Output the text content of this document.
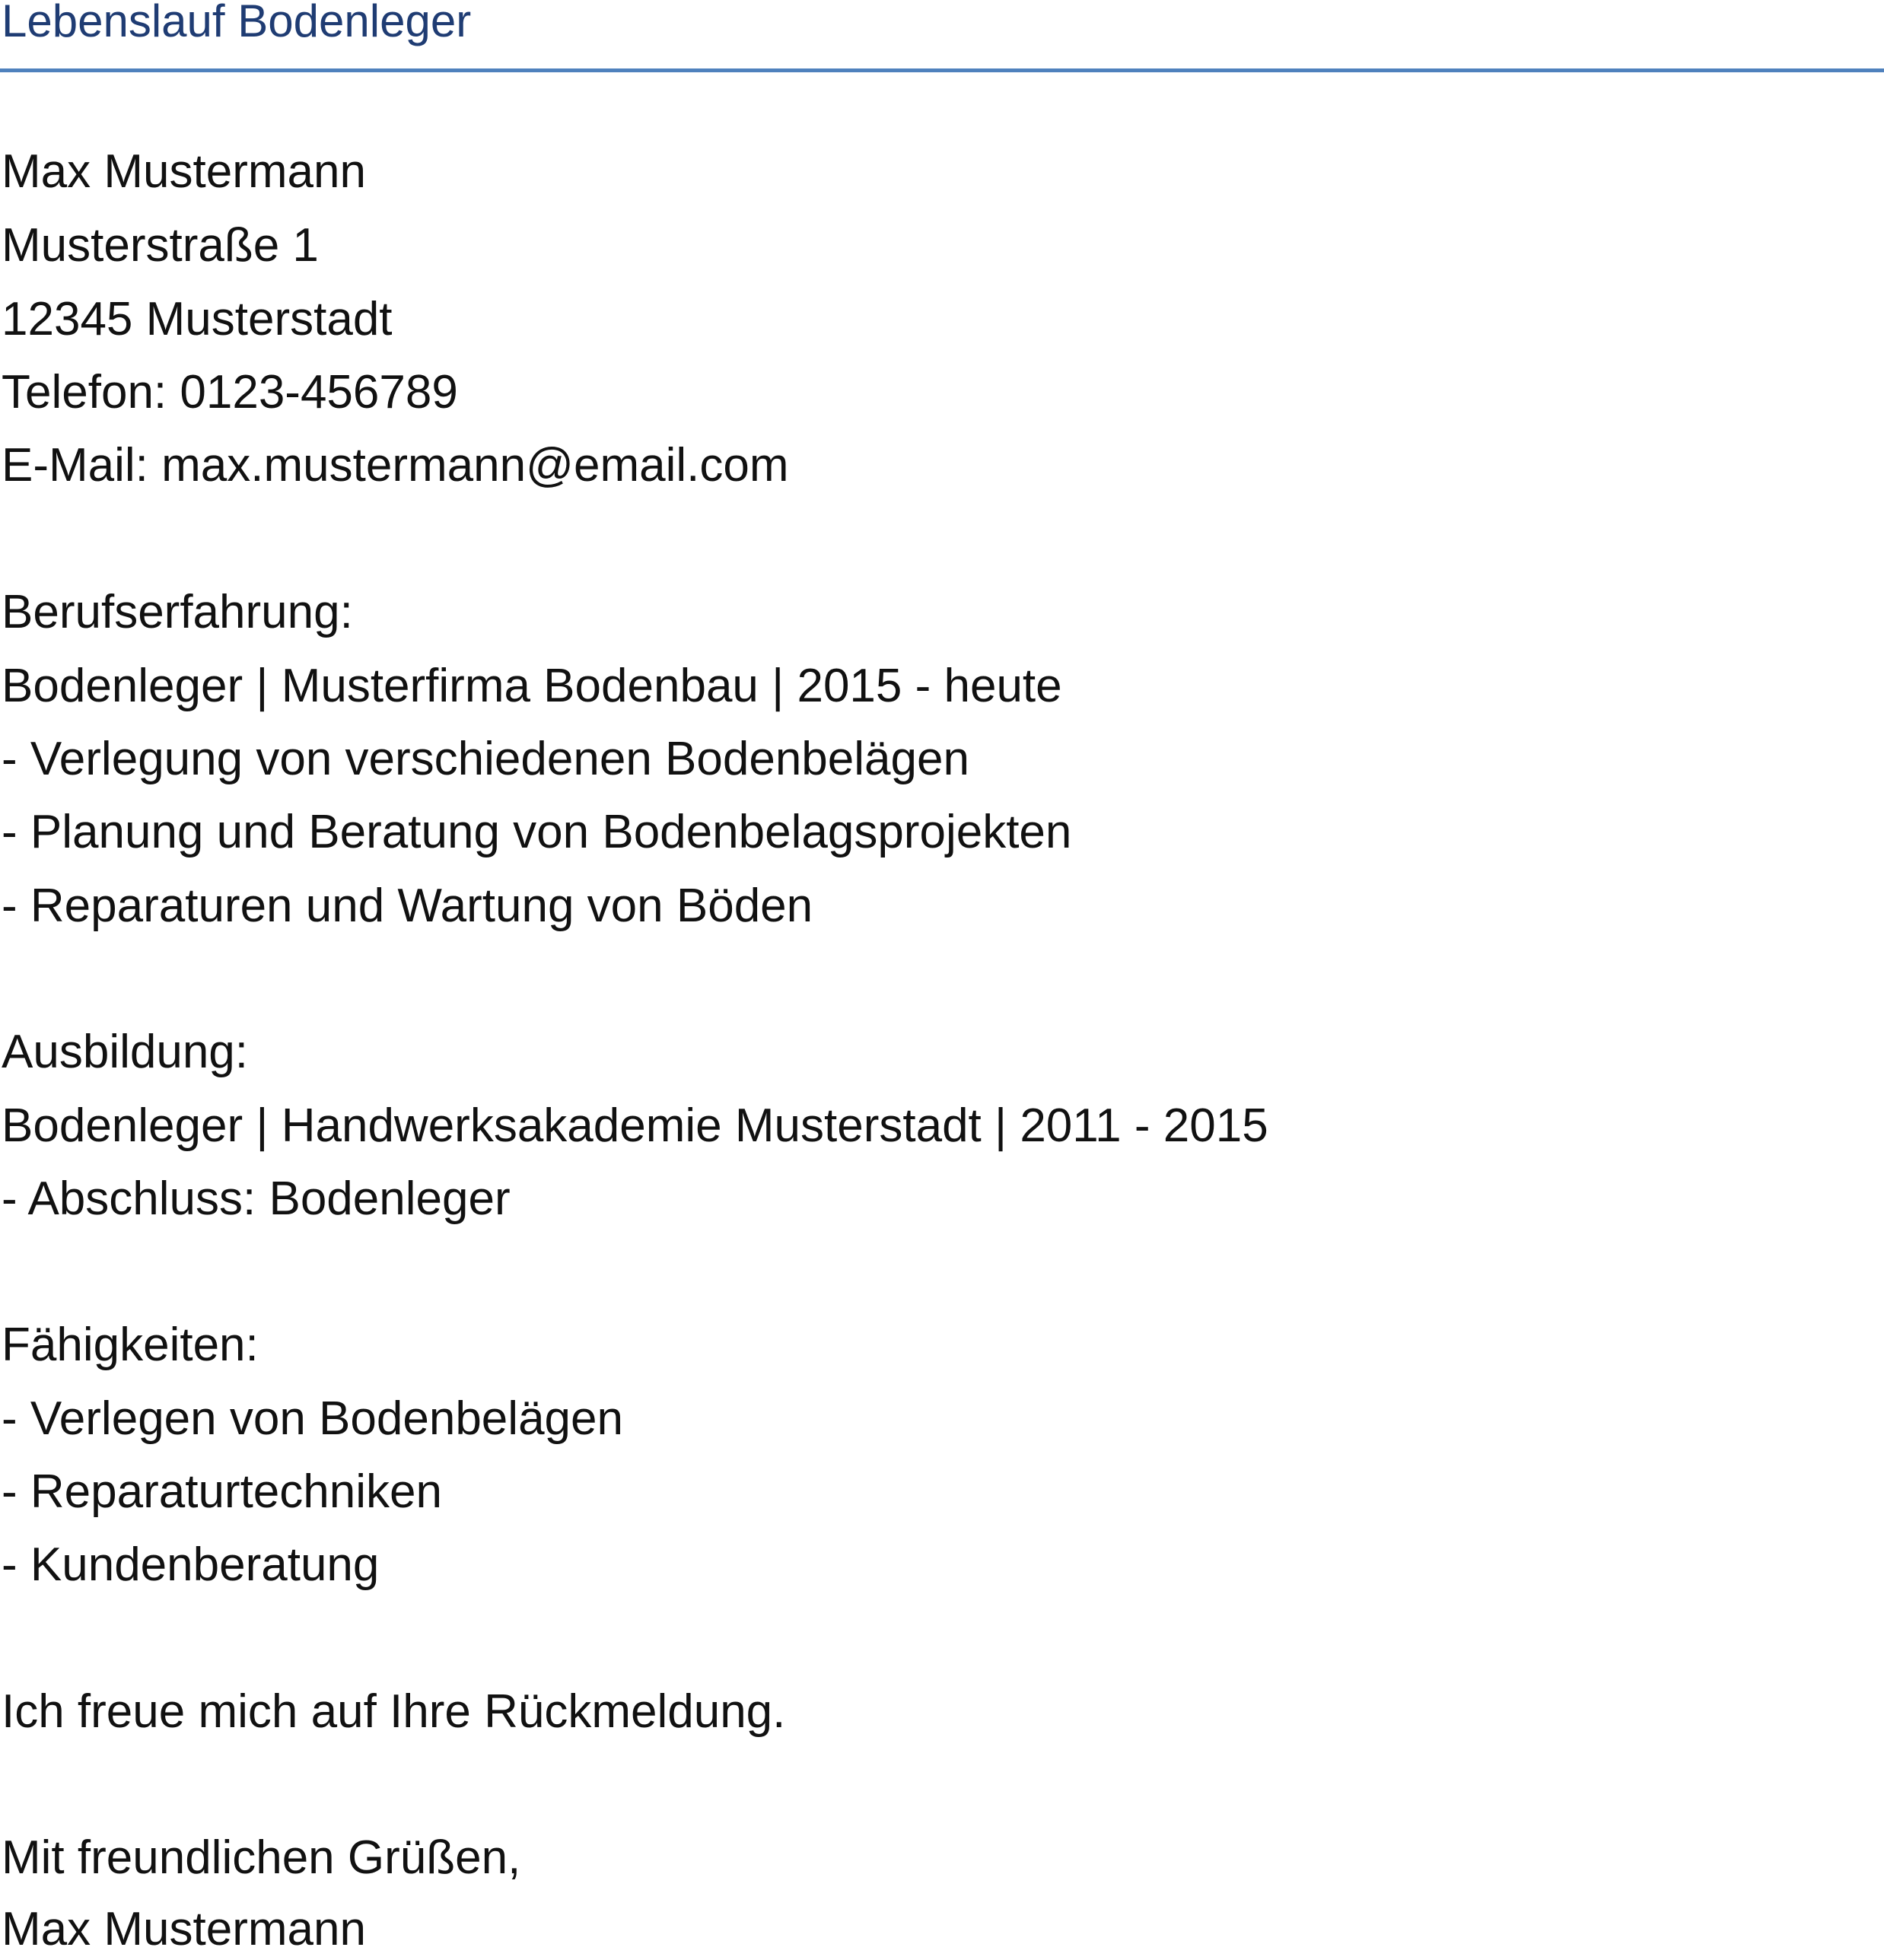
Lebenslauf Bodenleger
Max Mustermann
Musterstraße 1
12345 Musterstadt
Telefon: 0123-456789
E-Mail: max.mustermann@email.com
Berufserfahrung:
Bodenleger | Musterfirma Bodenbau | 2015 - heute
- Verlegung von verschiedenen Bodenbelägen
- Planung und Beratung von Bodenbelagsprojekten
- Reparaturen und Wartung von Böden
Ausbildung:
Bodenleger | Handwerksakademie Musterstadt | 2011 - 2015
- Abschluss: Bodenleger
Fähigkeiten:
- Verlegen von Bodenbelägen
- Reparaturtechniken
- Kundenberatung
Ich freue mich auf Ihre Rückmeldung.
Mit freundlichen Grüßen,
Max Mustermann
